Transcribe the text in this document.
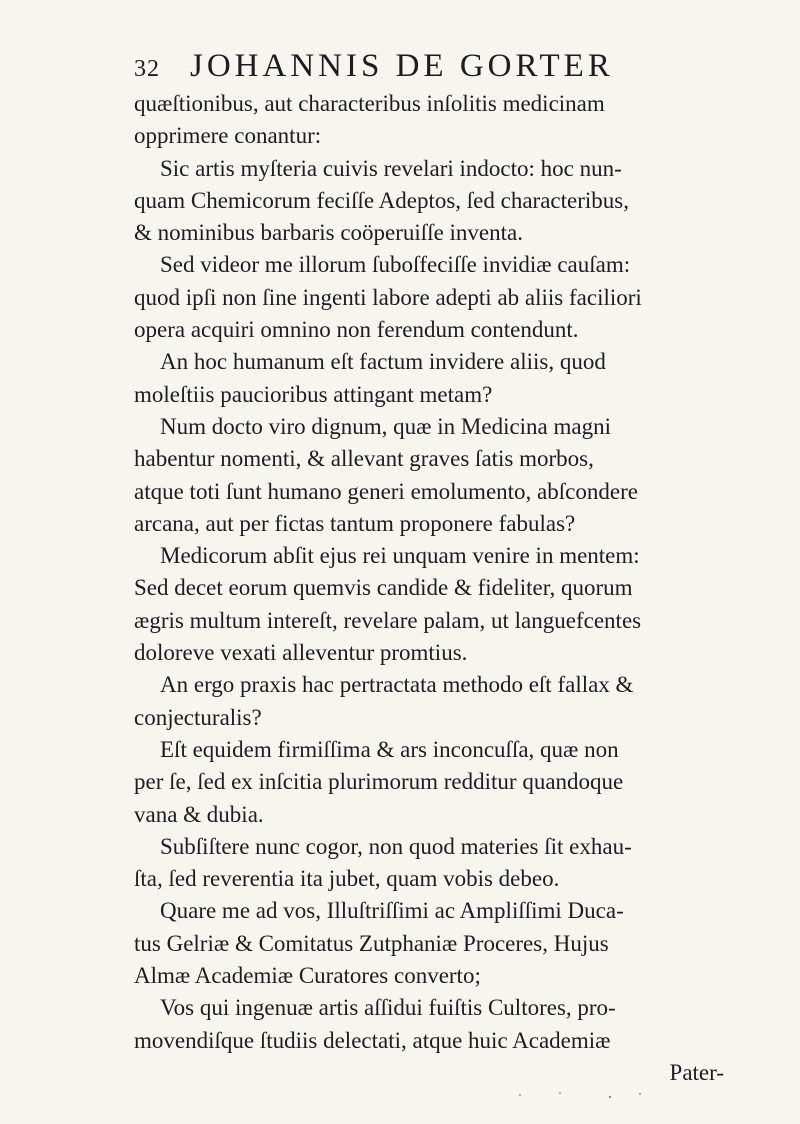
32 JOHANNIS DE GORTER
quæſtionibus, aut characteribus inſolitis medicinam
opprimere conantur:
Sic artis myſteria cuivis revelari indocto: hoc nun-
quam Chemicorum feciſſe Adeptos, ſed characteribus,
& nominibus barbaris coöperuiſſe inventa.
Sed videor me illorum ſuboſfeciſſe invidiæ cauſam:
quod ipſi non ſine ingenti labore adepti ab aliis faciliori
opera acquiri omnino non ferendum contendunt.
An hoc humanum eſt factum invidere aliis, quod
moleſtiis paucioribus attingant metam?
Num docto viro dignum, quæ in Medicina magni
habentur nomenti, & allevant graves ſatis morbos,
atque toti ſunt humano generi emolumento, abſcondere
arcana, aut per fictas tantum proponere fabulas?
Medicorum abſit ejus rei unquam venire in mentem:
Sed decet eorum quemvis candide & fideliter, quorum
ægris multum intereſt, revelare palam, ut languefcentes
doloreve vexati alleventur promtius.
An ergo praxis hac pertractata methodo eſt fallax &
conjecturalis?
Eſt equidem firmiſſima & ars inconcuſſa, quæ non
per ſe, ſed ex inſcitia plurimorum redditur quandoque
vana & dubia.
Subſiſtere nunc cogor, non quod materies ſit exhau-
ſta, ſed reverentia ita jubet, quam vobis debeo.
Quare me ad vos, Illuſtriſſimi ac Ampliſſimi Duca-
tus Gelriæ & Comitatus Zutphaniæ Proceres, Hujus
Almæ Academiæ Curatores converto;
Vos qui ingenuæ artis aſſidui fuiſtis Cultores, pro-
movendiſque ſtudiis delectati, atque huic Academiæ
Pater-
